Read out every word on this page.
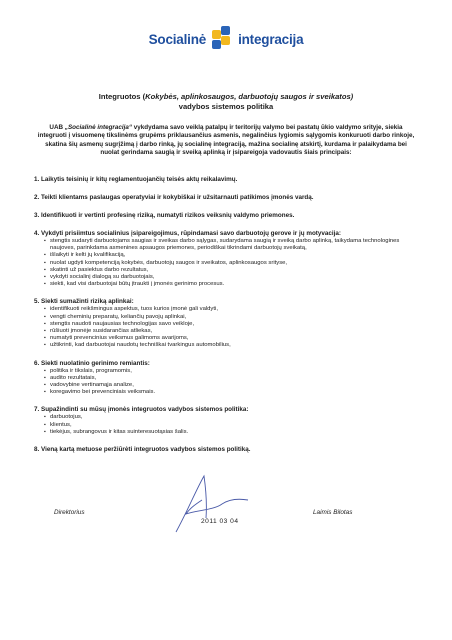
Socialinė integracija
Integruotos (Kokybės, aplinkosaugos, darbuotojų saugos ir sveikatos)
vadybos sistemos politika
UAB „Socialinė integracija“ vykdydama savo veiklą patalpų ir teritorijų valymo bei pastatų ūkio valdymo srityje, siekia integruoti į visuomenę tikslinėms grupėms priklausančius asmenis, negalinčius lygiomis sąlygomis konkuruoti darbo rinkoje, skatina šių asmenų sugrįžimą į darbo rinką, jų socialinę integraciją, mažina socialinę atskirtį, kurdama ir palaikydama bei nuolat gerindama saugią ir sveiką aplinką ir įsipareigoja vadovautis šiais principais:
1. Laikytis teisinių ir kitų reglamentuojančių teisės aktų reikalavimų.
2. Teikti klientams paslaugas operatyviai ir kokybiškai ir užsitarnauti patikimos įmonės vardą.
3. Identifikuoti ir vertinti profesinę riziką, numatyti rizikos veiksnių valdymo priemones.
4. Vykdyti prisiimtus socialinius įsipareigojimus, rūpindamasi savo darbuotojų gerove ir jų motyvacija:
▪ stengtis sudaryti darbuotojams saugias ir sveikas darbo sąlygas, sudarydama saugią ir sveiką darbo aplinką, taikydama technologines naujoves, parinkdama asmenines apsaugos priemones, periodiškai tikrindami darbuotojų sveikatą,
▪ išlaikyti ir kelti jų kvalifikaciją,
▪ nuolat ugdyti kompetenciją kokybės, darbuotojų saugos ir sveikatos, aplinkosaugos srityse,
▪ skatinti už pasiektus darbo rezultatus,
▪ vykdyti socialinį dialogą su darbuotojais,
▪ siekti, kad visi darbuotojai būtų įtraukti į įmonės gerinimo procesus.
5. Siekti sumažinti riziką aplinkai:
▪ identifikuoti reikšmingus aspektus, tuos kurios įmonė gali valdyti,
▪ vengti cheminių preparatų, keliančių pavojų aplinkai,
▪ stengtis naudoti naujausias technologijas savo veikloje,
▪ rūšiuoti įmonėje susidarančias atliekas,
▪ numatyti prevencinius veiksmus galimoms avarijoms,
▪ užtikrinti, kad darbuotojai naudotų techniškai tvarkingus automobilius,
6. Siekti nuolatinio gerinimo remiantis:
▪ politika ir tikslais, programomis,
▪ audito rezultatais,
▪ vadovybine vertinamąja analize,
▪ koregavimo bei prevenciniais veiksmais.
7. Supažindinti su mūsų įmonės integruotos vadybos sistemos politika:
▪ darbuotojus,
▪ klientus,
▪ tiekėjus, subrangovus ir kitas suinteresuotąsias šalis.
8. Vieną kartą metuose peržiūrėti integruotos vadybos sistemos politiką.
Direktorius
2011 03 04
Laimis Bilotas
